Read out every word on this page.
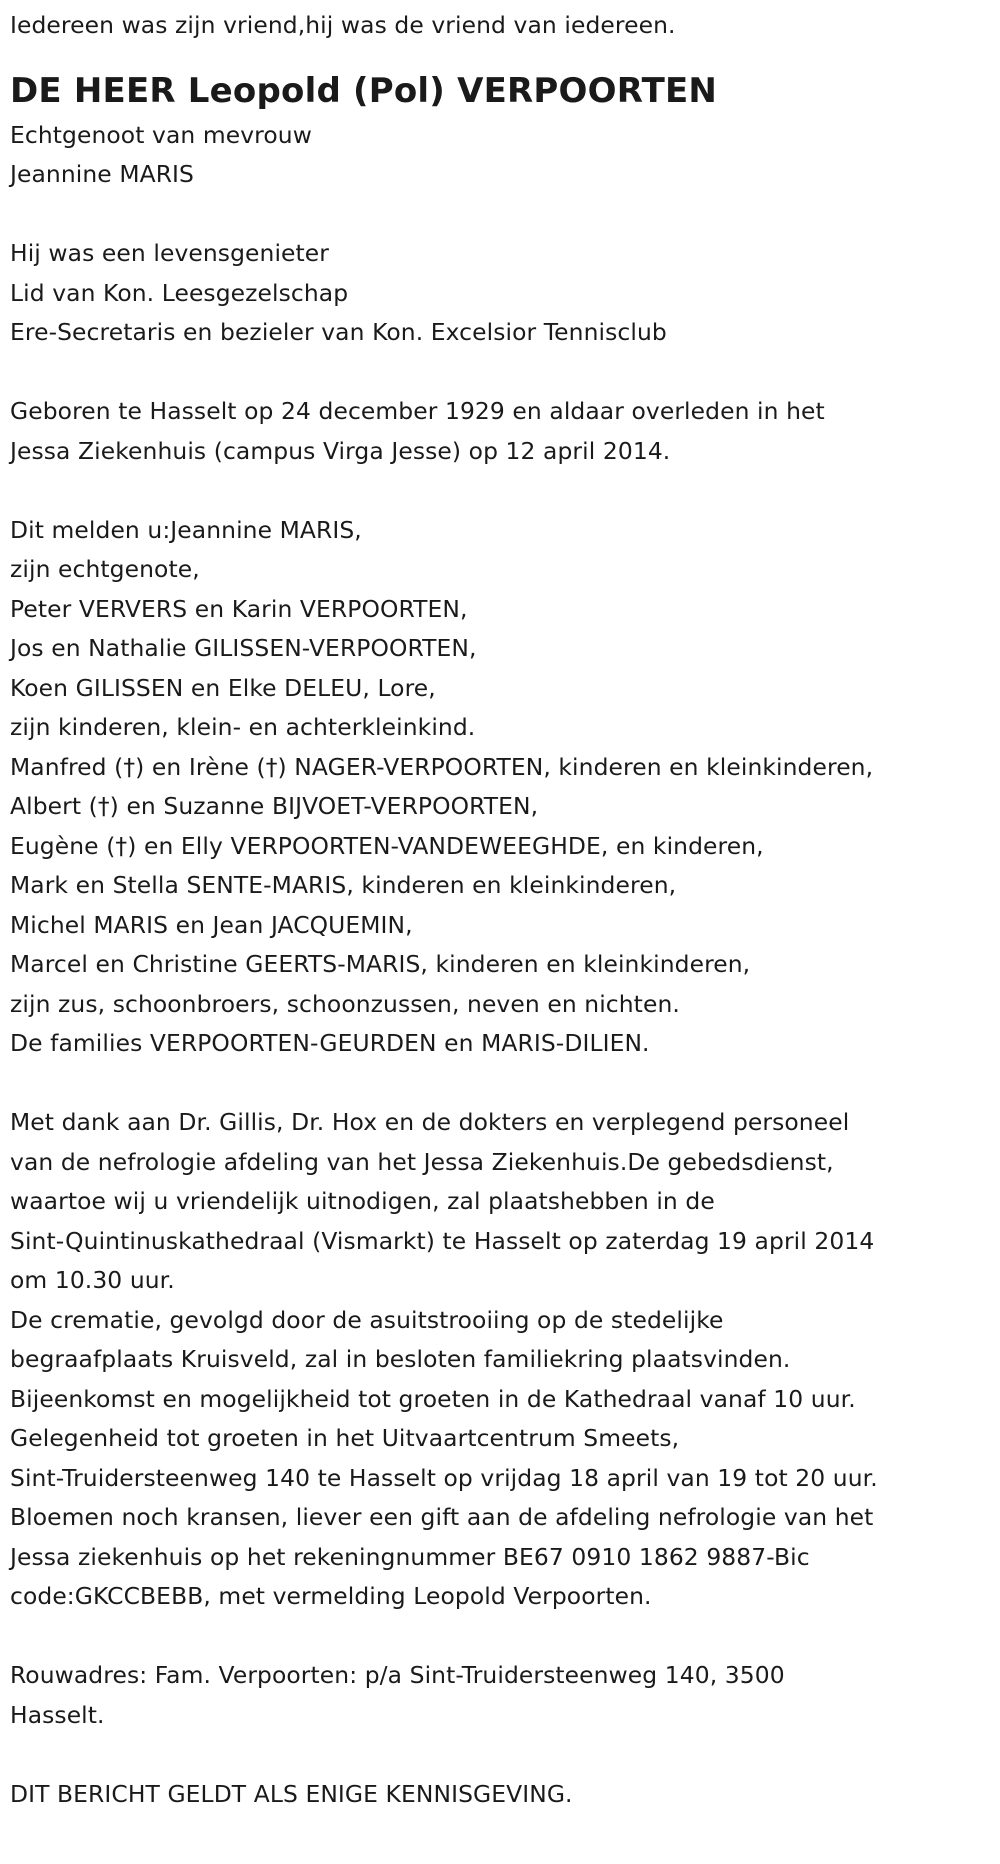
Iedereen was zijn vriend,hij was de vriend van iedereen.
DE HEER Leopold (Pol) VERPOORTEN
Echtgenoot van mevrouw
Jeannine MARIS
Hij was een levensgenieter
Lid van Kon. Leesgezelschap
Ere-Secretaris en bezieler van Kon. Excelsior Tennisclub
Geboren te Hasselt op 24 december 1929 en aldaar overleden in het
Jessa Ziekenhuis (campus Virga Jesse) op 12 april 2014.
Dit melden u:Jeannine MARIS,
zijn echtgenote,
Peter VERVERS en Karin VERPOORTEN,
Jos en Nathalie GILISSEN-VERPOORTEN,
Koen GILISSEN en Elke DELEU, Lore,
zijn kinderen, klein- en achterkleinkind.
Manfred (†) en Irène (†) NAGER-VERPOORTEN, kinderen en kleinkinderen,
Albert (†) en Suzanne BIJVOET-VERPOORTEN,
Eugène (†) en Elly VERPOORTEN-VANDEWEEGHDE, en kinderen,
Mark en Stella SENTE-MARIS, kinderen en kleinkinderen,
Michel MARIS en Jean JACQUEMIN,
Marcel en Christine GEERTS-MARIS, kinderen en kleinkinderen,
zijn zus, schoonbroers, schoonzussen, neven en nichten.
De families VERPOORTEN-GEURDEN en MARIS-DILIEN.
Met dank aan Dr. Gillis, Dr. Hox en de dokters en verplegend personeel
van de nefrologie afdeling van het Jessa Ziekenhuis.De gebedsdienst,
waartoe wij u vriendelijk uitnodigen, zal plaatshebben in de
Sint-Quintinuskathedraal (Vismarkt) te Hasselt op zaterdag 19 april 2014
om 10.30 uur.
De crematie, gevolgd door de asuitstrooiing op de stedelijke
begraafplaats Kruisveld, zal in besloten familiekring plaatsvinden.
Bijeenkomst en mogelijkheid tot groeten in de Kathedraal vanaf 10 uur.
Gelegenheid tot groeten in het Uitvaartcentrum Smeets,
Sint-Truidersteenweg 140 te Hasselt op vrijdag 18 april van 19 tot 20 uur.
Bloemen noch kransen, liever een gift aan de afdeling nefrologie van het
Jessa ziekenhuis op het rekeningnummer BE67 0910 1862 9887-Bic
code:GKCCBEBB, met vermelding Leopold Verpoorten.
Rouwadres: Fam. Verpoorten: p/a Sint-Truidersteenweg 140, 3500
Hasselt.
DIT BERICHT GELDT ALS ENIGE KENNISGEVING.
